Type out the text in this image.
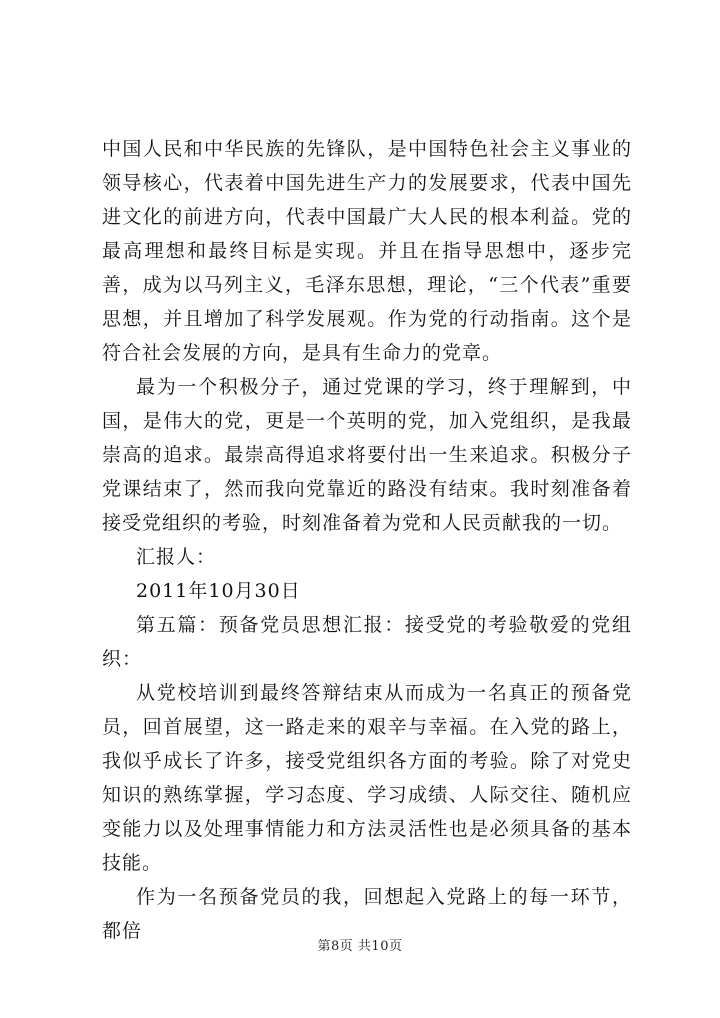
中国人民和中华民族的先锋队，是中国特色社会主义事业的领导核心，代表着中国先进生产力的发展要求，代表中国先进文化的前进方向，代表中国最广大人民的根本利益。党的最高理想和最终目标是实现。并且在指导思想中，逐步完善，成为以马列主义，毛泽东思想，理论，“三个代表”重要思想，并且增加了科学发展观。作为党的行动指南。这个是符合社会发展的方向，是具有生命力的党章。

最为一个积极分子，通过党课的学习，终于理解到，中国，是伟大的党，更是一个英明的党，加入党组织，是我最崇高的追求。最崇高得追求将要付出一生来追求。积极分子党课结束了，然而我向党靠近的路没有结束。我时刻准备着接受党组织的考验，时刻准备着为党和人民贡献我的一切。

汇报人：

2011年10月30日

第五篇：预备党员思想汇报：接受党的考验敬爱的党组织：

从党校培训到最终答辩结束从而成为一名真正的预备党员，回首展望，这一路走来的艰辛与幸福。在入党的路上，我似乎成长了许多，接受党组织各方面的考验。除了对党史知识的熟练掌握，学习态度、学习成绩、人际交往、随机应变能力以及处理事情能力和方法灵活性也是必须具备的基本技能。

作为一名预备党员的我，回想起入党路上的每一环节，都倍

第8页 共10页
